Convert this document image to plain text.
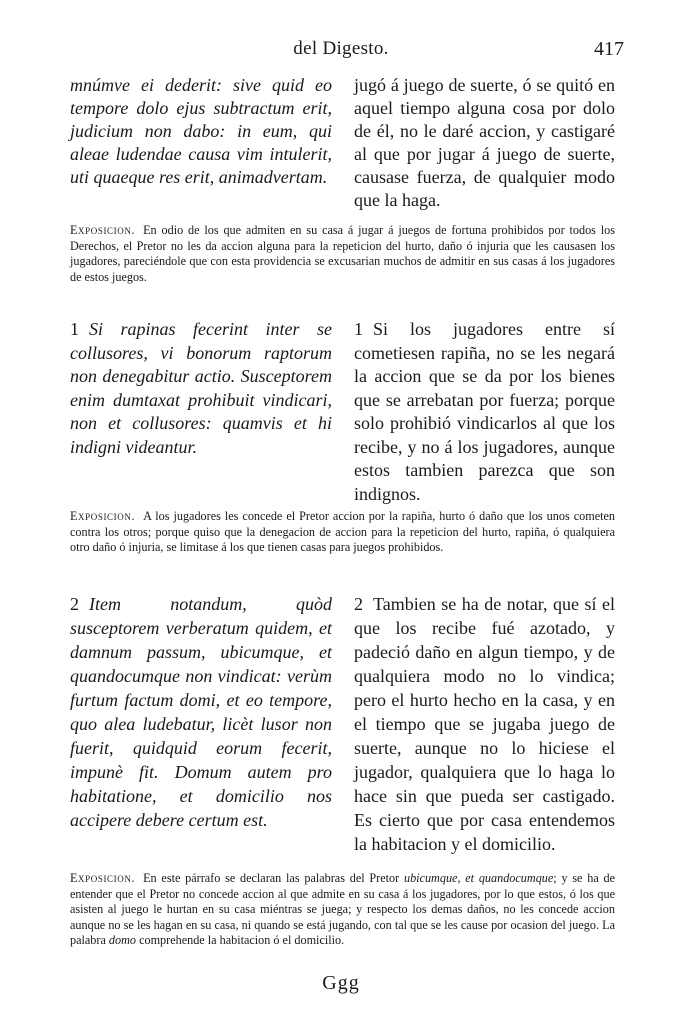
del Digesto.	417

mnúmve ei dederit: sive quid eo tempore dolo ejus subtractum erit, judicium non dabo: in eum, qui aleae ludendae causa vim intulerit, uti quaeque res erit, animadvertam.

jugó á juego de suerte, ó se quitó en aquel tiempo alguna cosa por dolo de él, no le daré accion, y castigaré al que por jugar á juego de suerte, causase fuerza, de qualquier modo que la haga.

Exposicion. En odio de los que admiten en su casa á jugar á juegos de fortuna prohibidos por todos los Derechos, el Pretor no les da accion alguna para la repeticion del hurto, daño ó injuria que les causasen los jugadores, pareciéndole que con esta providencia se excusarian muchos de admitir en sus casas á los jugadores de estos juegos.

1 Si rapinas fecerint inter se collusores, vi bonorum raptorum non denegabitur actio. Susceptorem enim dumtaxat prohibuit vindicari, non et collusores: quamvis et hi indigni videantur.

1 Si los jugadores entre sí cometiesen rapiña, no se les negará la accion que se da por los bienes que se arrebatan por fuerza; porque solo prohibió vindicarlos al que los recibe, y no á los jugadores, aunque estos tambien parezca que son indignos.

Exposicion. A los jugadores les concede el Pretor accion por la rapiña, hurto ó daño que los unos cometen contra los otros; porque quiso que la denegacion de accion para la repeticion del hurto, rapiña, ó qualquiera otro daño ó injuria, se limitase á los que tienen casas para juegos prohibidos.

2 Item notandum, quòd susceptorem verberatum quidem, et damnum passum, ubicumque, et quandocumque non vindicat: verùm furtum factum domi, et eo tempore, quo alea ludebatur, licèt lusor non fuerit, quidquid eorum fecerit, impunè fit. Domum autem pro habitatione, et domicilio nos accipere debere certum est.

2 Tambien se ha de notar, que sí el que los recibe fué azotado, y padeció daño en algun tiempo, y de qualquiera modo no lo vindica; pero el hurto hecho en la casa, y en el tiempo que se jugaba juego de suerte, aunque no lo hiciese el jugador, qualquiera que lo haga lo hace sin que pueda ser castigado. Es cierto que por casa entendemos la habitacion y el domicilio.

Exposicion. En este párrafo se declaran las palabras del Pretor ubicumque, et quandocumque; y se ha de entender que el Pretor no concede accion al que admite en su casa á los jugadores, por lo que estos, ó los que asisten al juego le hurtan en su casa miéntras se juega; y respecto los demas daños, no les concede accion aunque no se les hagan en su casa, ni quando se está jugando, con tal que se les cause por ocasion del juego. La palabra domo comprehende la habitacion ó el domicilio.
Ggg
